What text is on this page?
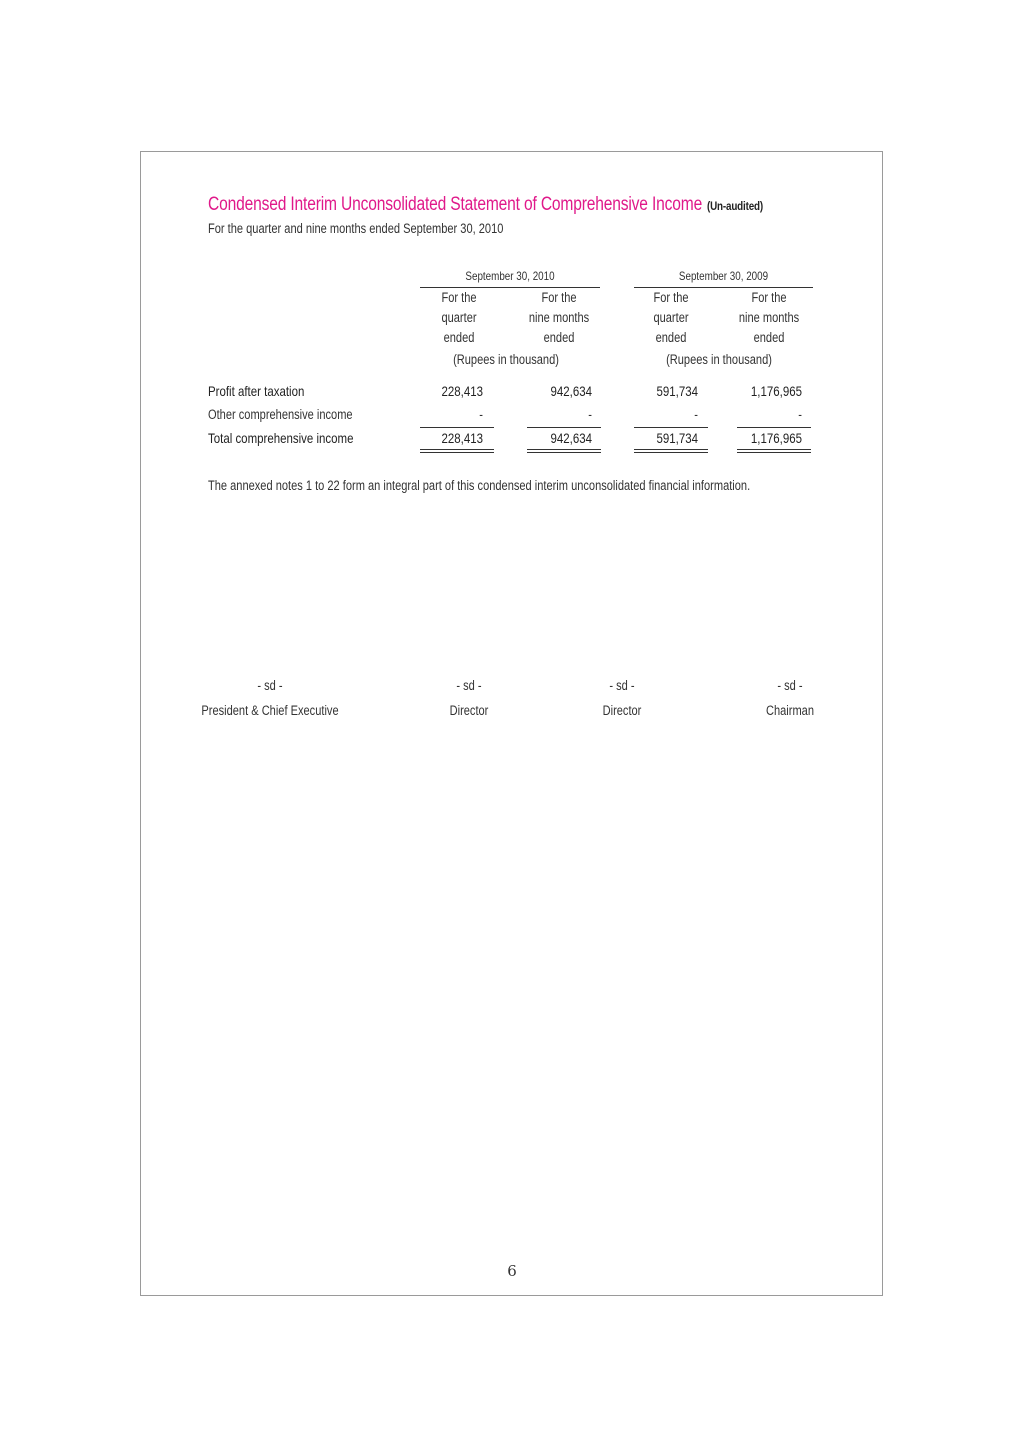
Condensed Interim Unconsolidated Statement of Comprehensive Income (Un-audited)
For the quarter and nine months ended September 30, 2010
September 30, 2010
For the
quarter
ended
For the
nine months
ended
(Rupees in thousand)
September 30, 2009
For the
quarter
ended
For the
nine months
ended
(Rupees in thousand)
Profit after taxation	228,413	942,634	591,734	1,176,965
Other comprehensive income	-	-	-	-
Total comprehensive income	228,413	942,634	591,734	1,176,965
The annexed notes 1 to 22 form an integral part of this condensed interim unconsolidated financial information.
- sd -
President & Chief Executive
- sd -
Director
- sd -
Director
- sd -
Chairman
6
